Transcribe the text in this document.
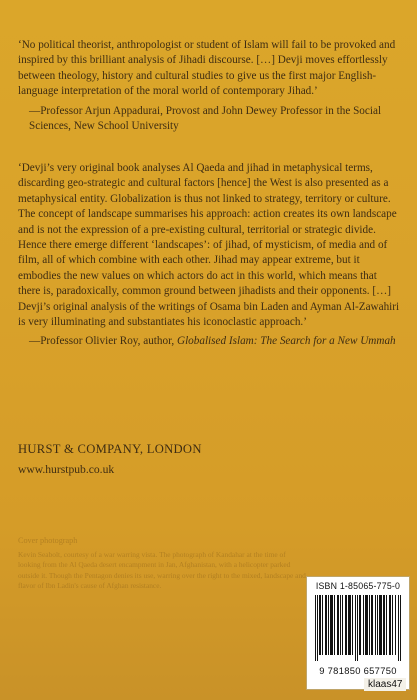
‘No political theorist, anthropologist or student of Islam will fail to be provoked and inspired by this brilliant analysis of Jihadi discourse. […] Devji moves effortlessly between theology, history and cultural studies to give us the first major English-language interpretation of the moral world of contemporary Jihad.’
—Professor Arjun Appadurai, Provost and John Dewey Professor in the Social Sciences, New School University
‘Devji’s very original book analyses Al Qaeda and jihad in metaphysical terms, discarding geo-strategic and cultural factors [hence] the West is also presented as a metaphysical entity. Globalization is thus not linked to strategy, territory or culture. The concept of landscape summarises his approach: action creates its own landscape and is not the expression of a pre-existing cultural, territorial or strategic divide. Hence there emerge different ‘landscapes’: of jihad, of mysticism, of media and of film, all of which combine with each other. Jihad may appear extreme, but it embodies the new values on which actors do act in this world, which means that there is, paradoxically, common ground between jihadists and their opponents. […] Devji’s original analysis of the writings of Osama bin Laden and Ayman Al-Zawahiri is very illuminating and substantiates his iconoclastic approach.’
—Professor Olivier Roy, author, Globalised Islam: The Search for a New Ummah
HURST & COMPANY, LONDON
www.hurstpub.co.uk
Cover photograph
Kevin Seabolt, courtesy of a war warring vista. The photograph of Kandahar at the time of looking from the Al Qaeda desert encampment in Jan, Afghanistan, with a helicopter parked outside it. Though the Pentagon denies its use, warring over the right to the mixed, landscape and flavor of Ibn Ladin's cause of Afghan resistance.	ISBN 1-85065-775-0
9 781850 657750
klaas47
